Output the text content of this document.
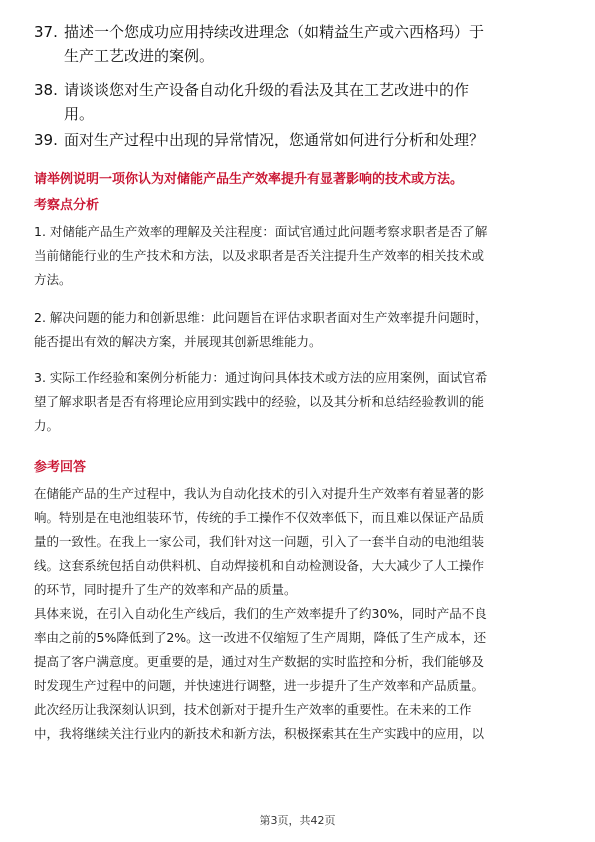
37. 描述一个您成功应用持续改进理念（如精益生产或六西格玛）于
生产工艺改进的案例。
38. 请谈谈您对生产设备自动化升级的看法及其在工艺改进中的作
用。
39. 面对生产过程中出现的异常情况，您通常如何进行分析和处理？
请举例说明一项你认为对储能产品生产效率提升有显著影响的技术或方法。
考察点分析
1. 对储能产品生产效率的理解及关注程度：面试官通过此问题考察求职者是否了解
当前储能行业的生产技术和方法，以及求职者是否关注提升生产效率的相关技术或
方法。
2. 解决问题的能力和创新思维：此问题旨在评估求职者面对生产效率提升问题时，
能否提出有效的解决方案，并展现其创新思维能力。
3. 实际工作经验和案例分析能力：通过询问具体技术或方法的应用案例，面试官希
望了解求职者是否有将理论应用到实践中的经验，以及其分析和总结经验教训的能
力。
参考回答
在储能产品的生产过程中，我认为自动化技术的引入对提升生产效率有着显著的影
响。特别是在电池组装环节，传统的手工操作不仅效率低下，而且难以保证产品质
量的一致性。在我上一家公司，我们针对这一问题，引入了一套半自动的电池组装
线。这套系统包括自动供料机、自动焊接机和自动检测设备，大大减少了人工操作
的环节，同时提升了生产的效率和产品的质量。
具体来说，在引入自动化生产线后，我们的生产效率提升了约30%，同时产品不良
率由之前的5%降低到了2%。这一改进不仅缩短了生产周期，降低了生产成本，还
提高了客户满意度。更重要的是，通过对生产数据的实时监控和分析，我们能够及
时发现生产过程中的问题，并快速进行调整，进一步提升了生产效率和产品质量。
此次经历让我深刻认识到，技术创新对于提升生产效率的重要性。在未来的工作
中，我将继续关注行业内的新技术和新方法，积极探索其在生产实践中的应用，以
第3页，共42页
